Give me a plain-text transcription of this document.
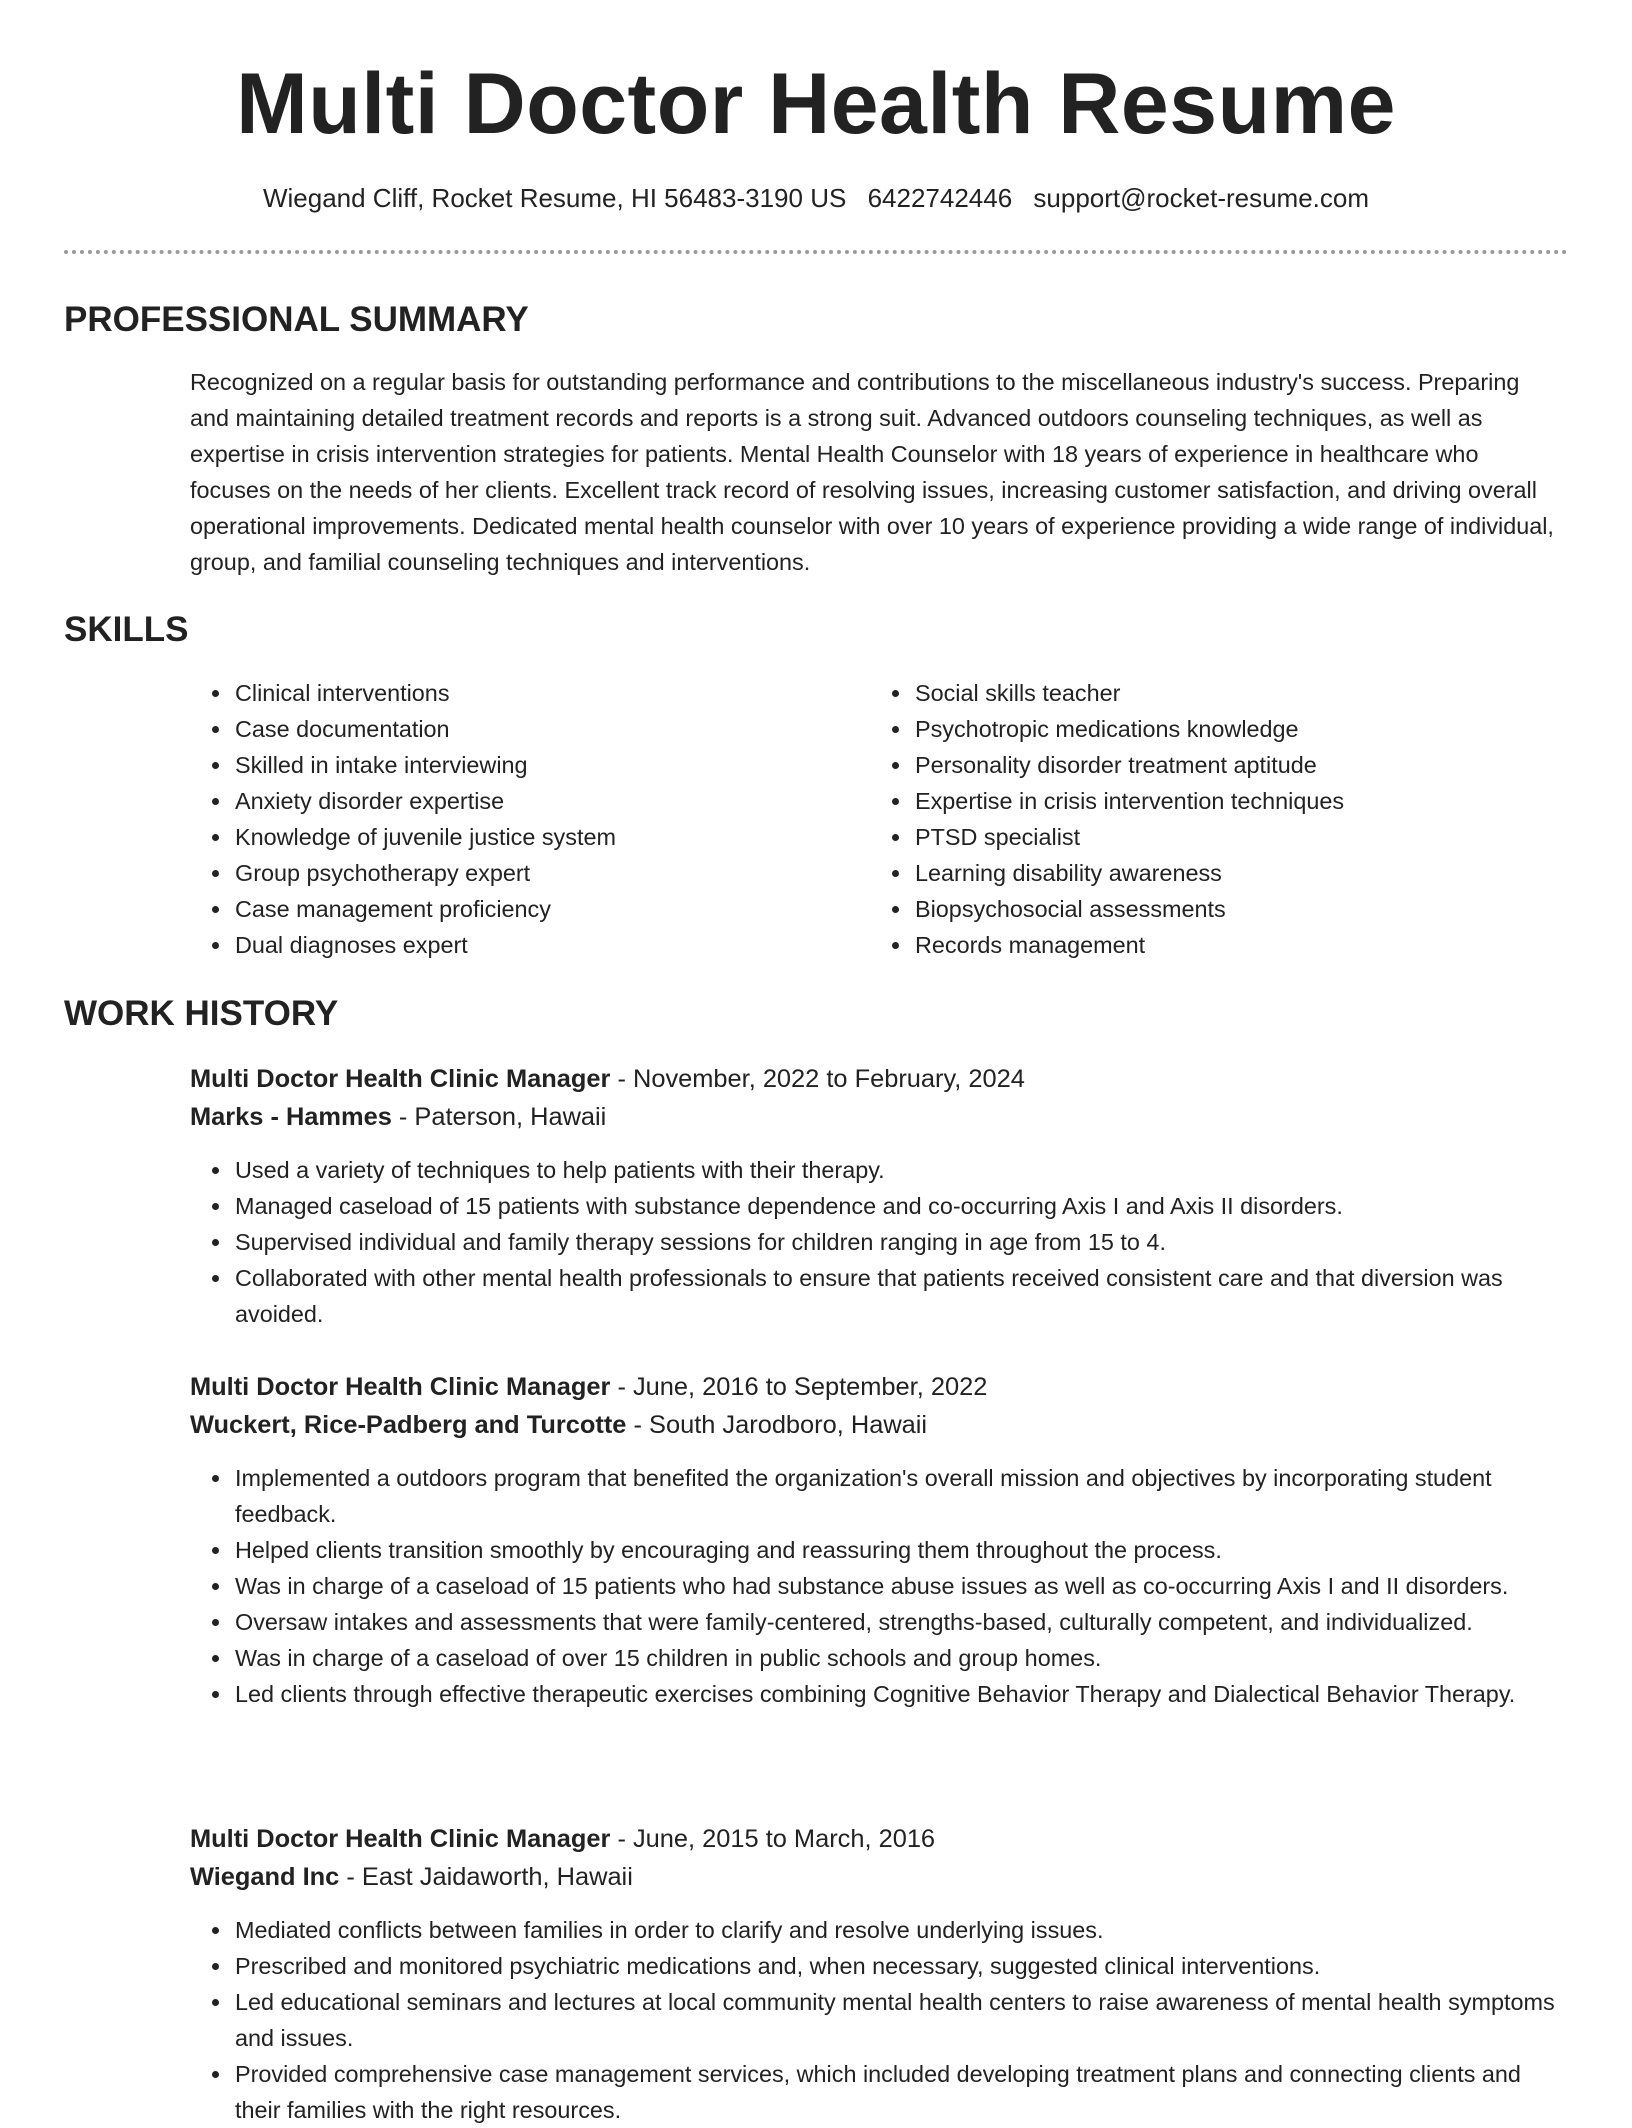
Multi Doctor Health Resume
Wiegand Cliff, Rocket Resume, HI 56483-3190 US 6422742446 support@rocket-resume.com
PROFESSIONAL SUMMARY

Recognized on a regular basis for outstanding performance and contributions to the miscellaneous industry's success. Preparing and maintaining detailed treatment records and reports is a strong suit. Advanced outdoors counseling techniques, as well as expertise in crisis intervention strategies for patients. Mental Health Counselor with 18 years of experience in healthcare who focuses on the needs of her clients. Excellent track record of resolving issues, increasing customer satisfaction, and driving overall operational improvements. Dedicated mental health counselor with over 10 years of experience providing a wide range of individual, group, and familial counseling techniques and interventions.

SKILLS
• Clinical interventions
• Case documentation
• Skilled in intake interviewing
• Anxiety disorder expertise
• Knowledge of juvenile justice system
• Group psychotherapy expert
• Case management proficiency
• Dual diagnoses expert
• Social skills teacher
• Psychotropic medications knowledge
• Personality disorder treatment aptitude
• Expertise in crisis intervention techniques
• PTSD specialist
• Learning disability awareness
• Biopsychosocial assessments
• Records management
WORK HISTORY
Multi Doctor Health Clinic Manager - November, 2022 to February, 2024
Marks - Hammes - Paterson, Hawaii
• Used a variety of techniques to help patients with their therapy.
• Managed caseload of 15 patients with substance dependence and co-occurring Axis I and Axis II disorders.
• Supervised individual and family therapy sessions for children ranging in age from 15 to 4.
• Collaborated with other mental health professionals to ensure that patients received consistent care and that diversion was avoided.
Multi Doctor Health Clinic Manager - June, 2016 to September, 2022
Wuckert, Rice-Padberg and Turcotte - South Jarodboro, Hawaii
• Implemented a outdoors program that benefited the organization's overall mission and objectives by incorporating student feedback.
• Helped clients transition smoothly by encouraging and reassuring them throughout the process.
• Was in charge of a caseload of 15 patients who had substance abuse issues as well as co-occurring Axis I and II disorders.
• Oversaw intakes and assessments that were family-centered, strengths-based, culturally competent, and individualized.
• Was in charge of a caseload of over 15 children in public schools and group homes.
• Led clients through effective therapeutic exercises combining Cognitive Behavior Therapy and Dialectical Behavior Therapy.
Multi Doctor Health Clinic Manager - June, 2015 to March, 2016
Wiegand Inc - East Jaidaworth, Hawaii
• Mediated conflicts between families in order to clarify and resolve underlying issues.
• Prescribed and monitored psychiatric medications and, when necessary, suggested clinical interventions.
• Led educational seminars and lectures at local community mental health centers to raise awareness of mental health symptoms and issues.
• Provided comprehensive case management services, which included developing treatment plans and connecting clients and their families with the right resources.
